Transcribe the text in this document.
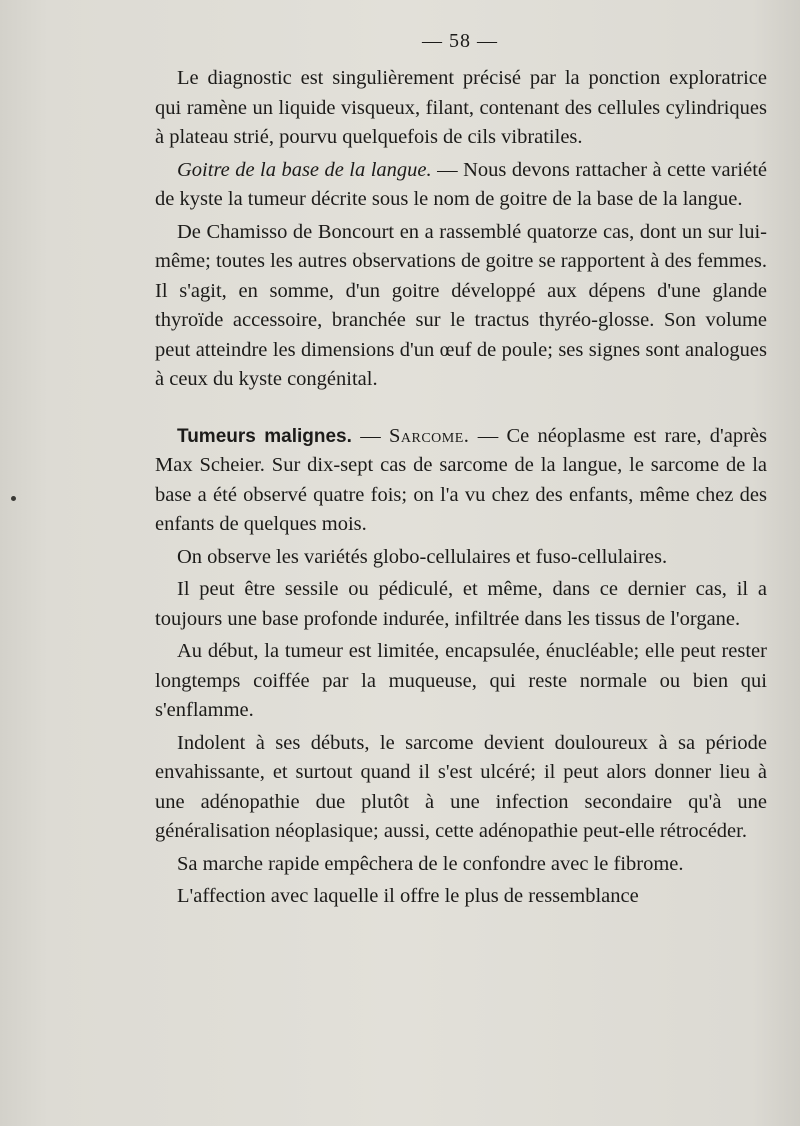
— 58 —

Le diagnostic est singulièrement précisé par la ponction exploratrice qui ramène un liquide visqueux, filant, contenant des cellules cylindriques à plateau strié, pourvu quelquefois de cils vibratiles.

Goitre de la base de la langue. — Nous devons rattacher à cette variété de kyste la tumeur décrite sous le nom de goitre de la base de la langue.

De Chamisso de Boncourt en a rassemblé quatorze cas, dont un sur lui-même; toutes les autres observations de goitre se rapportent à des femmes. Il s'agit, en somme, d'un goitre développé aux dépens d'une glande thyroïde accessoire, branchée sur le tractus thyréo-glosse. Son volume peut atteindre les dimensions d'un œuf de poule; ses signes sont analogues à ceux du kyste congénital.

Tumeurs malignes. — Sarcome. — Ce néoplasme est rare, d'après Max Scheier. Sur dix-sept cas de sarcome de la langue, le sarcome de la base a été observé quatre fois; on l'a vu chez des enfants, même chez des enfants de quelques mois.

On observe les variétés globo-cellulaires et fuso-cellulaires.

Il peut être sessile ou pédiculé, et même, dans ce dernier cas, il a toujours une base profonde indurée, infiltrée dans les tissus de l'organe.

Au début, la tumeur est limitée, encapsulée, énucléable; elle peut rester longtemps coiffée par la muqueuse, qui reste normale ou bien qui s'enflamme.

Indolent à ses débuts, le sarcome devient douloureux à sa période envahissante, et surtout quand il s'est ulcéré; il peut alors donner lieu à une adénopathie due plutôt à une infection secondaire qu'à une généralisation néoplasique; aussi, cette adénopathie peut-elle rétrocéder.

Sa marche rapide empêchera de le confondre avec le fibrome.

L'affection avec laquelle il offre le plus de ressemblance
